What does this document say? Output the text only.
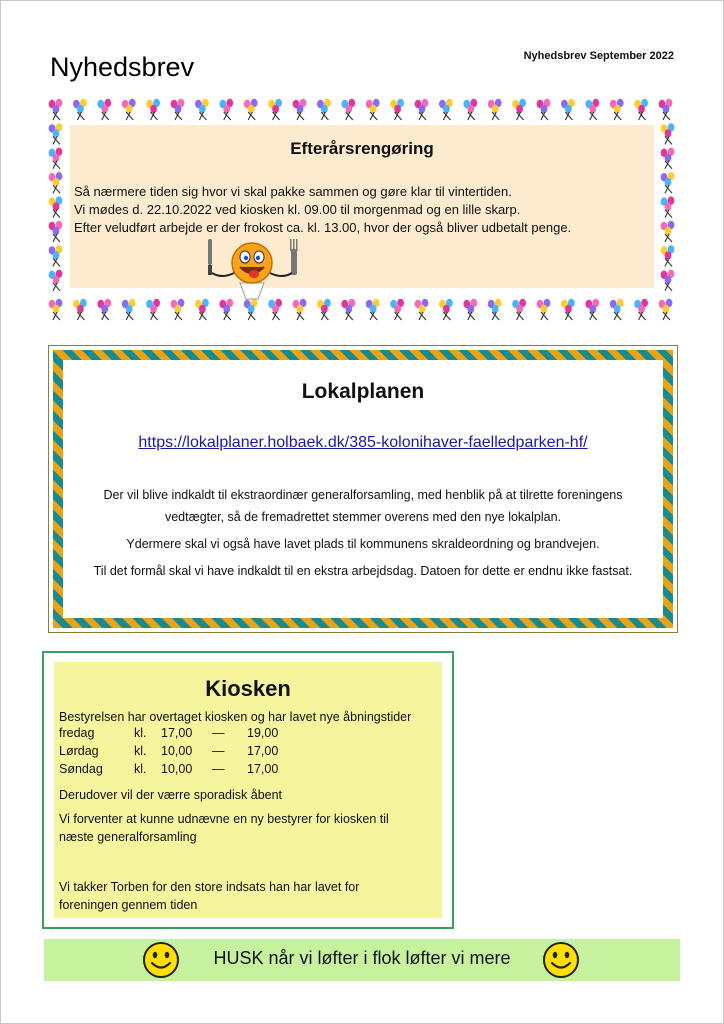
Nyhedsbrev	Nyhedsbrev September 2022
Efterårsrengøring
Så nærmere tiden sig hvor vi skal pakke sammen og gøre klar til vintertiden.
Vi mødes d. 22.10.2022 ved kiosken kl. 09.00 til morgenmad og en lille skarp.
Efter veludført arbejde er der frokost ca. kl. 13.00, hvor der også bliver udbetalt penge.
Lokalplanen
https://lokalplaner.holbaek.dk/385-kolonihaver-faelledparken-hf/
Der vil blive indkaldt til ekstraordinær generalforsamling, med henblik på at tilrette foreningens
vedtægter, så de fremadrettet stemmer overens med den nye lokalplan.
Ydermere skal vi også have lavet plads til kommunens skraldeordning og brandvejen.
Til det formål skal vi have indkaldt til en ekstra arbejdsdag. Datoen for dette er endnu ikke fastsat.
Kiosken
Bestyrelsen har overtaget kiosken og har lavet nye åbningstider
fredag	kl. 17,00 — 19,00
Lørdag	kl. 10,00 — 17,00
Søndag kl. 10,00 — 17,00
Derudover vil der værre sporadisk åbent
Vi forventer at kunne udnævne en ny bestyrer for kiosken til næste generalforsamling
Vi takker Torben for den store indsats han har lavet for foreningen gennem tiden
HUSK når vi løfter i flok løfter vi mere
